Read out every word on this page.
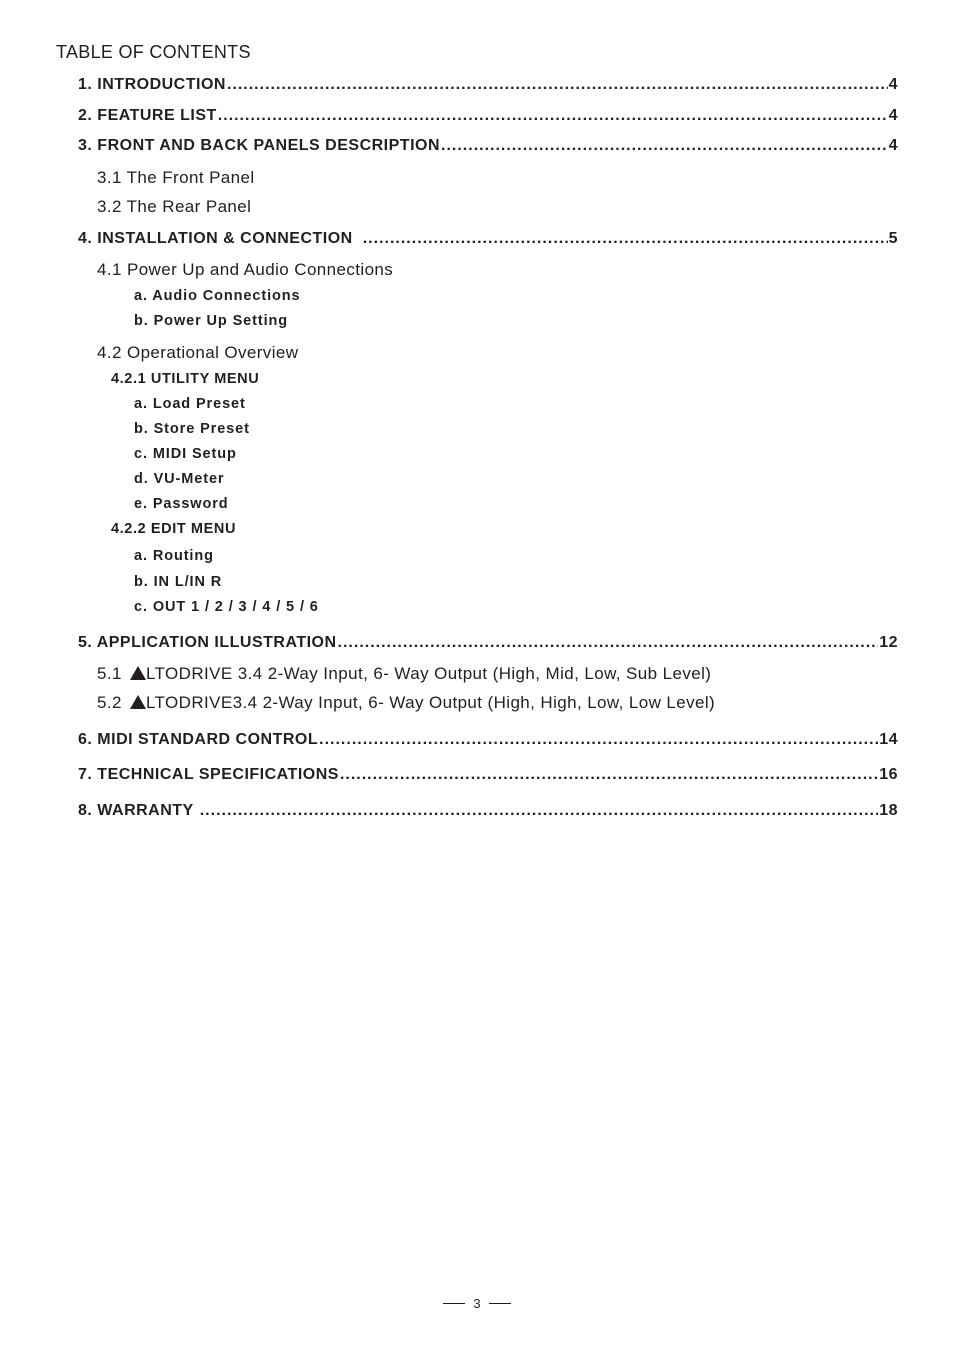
TABLE OF CONTENTS
1. INTRODUCTION .....	4
2. FEATURE LIST .....	4
3. FRONT AND BACK PANELS DESCRIPTION .....	4
3.1 The Front Panel
3.2 The Rear Panel
4. INSTALLATION & CONNECTION .....	5
4.1 Power Up and Audio Connections
a. Audio Connections
b. Power Up Setting
4.2 Operational Overview
4.2.1 UTILITY MENU
a. Load Preset
b. Store Preset
c. MIDI Setup
d. VU-Meter
e. Password
4.2.2 EDIT MENU
a. Routing
b. IN L/IN R
c. OUT 1 / 2 / 3 / 4 / 5 / 6
5. APPLICATION ILLUSTRATION .....	12
5.1 LTODRIVE 3.4 2-Way Input, 6- Way Output (High, Mid, Low, Sub Level)
5.2 LTODRIVE3.4 2-Way Input, 6- Way Output (High, High, Low, Low Level)
6. MIDI STANDARD CONTROL .....	14
7. TECHNICAL SPECIFICATIONS .....	16
8. WARRANTY .....	18
3
